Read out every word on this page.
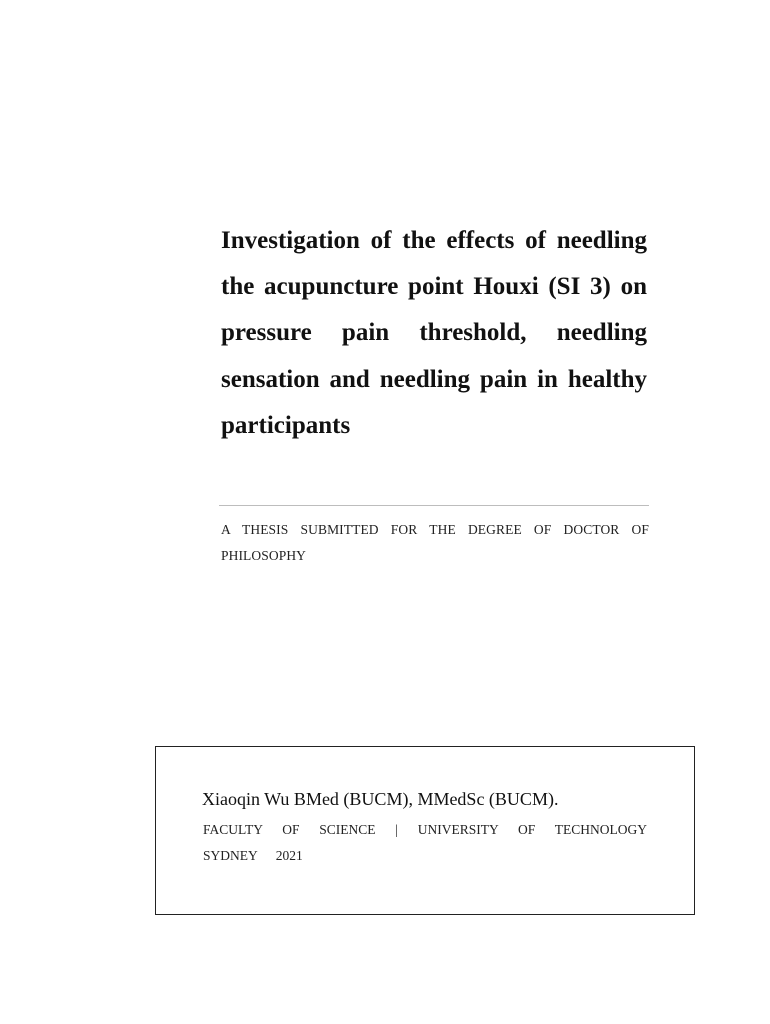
Investigation of the effects of needling the acupuncture point Houxi (SI 3) on pressure pain threshold, needling sensation and needling pain in healthy participants

A THESIS SUBMITTED FOR THE DEGREE OF DOCTOR OF PHILOSOPHY

Xiaoqin Wu BMed (BUCM), MMedSc (BUCM).

FACULTY OF SCIENCE | UNIVERSITY OF TECHNOLOGY SYDNEY 2021
